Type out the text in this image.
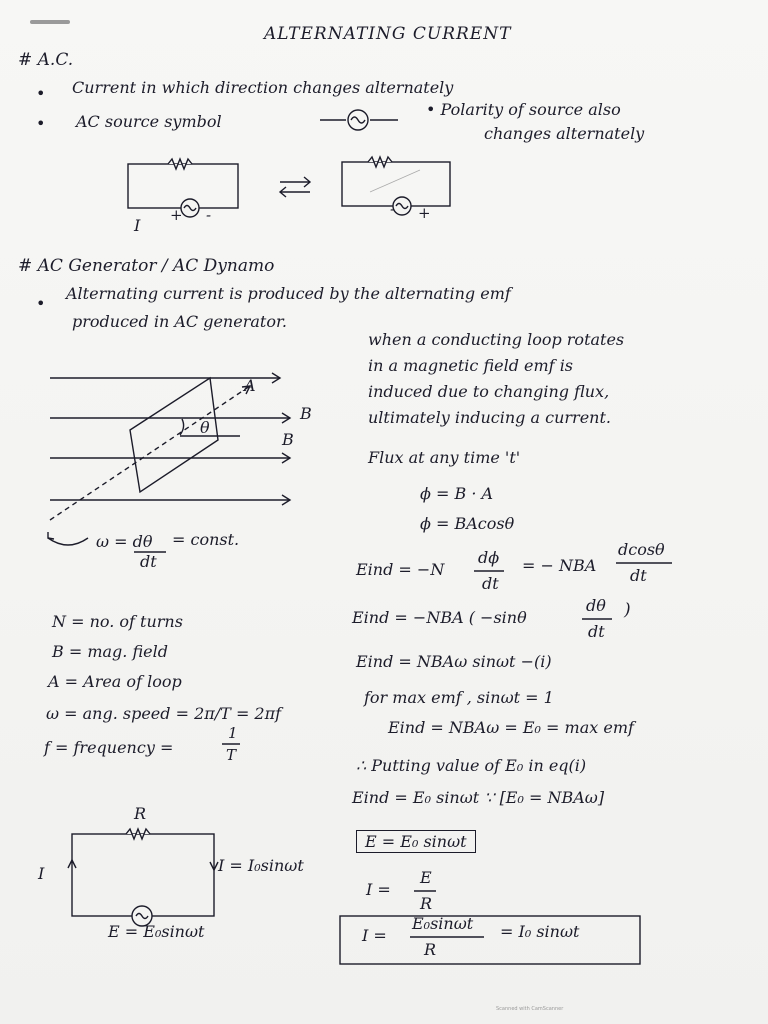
ALTERNATING CURRENT
# A.C.
• Current in which direction changes alternately
• AC source symbol
• Polarity of source also
changes alternately
I
+ -	- +
# AC Generator / AC Dynamo
•
Alternating current is produced by the alternating emf
produced in AC generator.
A
B
B
θ
ω = dθ
dt
= const.
when a conducting loop rotates
in a magnetic field emf is
induced due to changing flux,
ultimately inducing a current.
Flux at any time 't'
ϕ = B · A
ϕ = BAcosθ
Eind = −N
dϕ
dt
= − NBA
dcosθ
dt
Eind = −NBA ( −sinθ
dθ
dt
)
Eind = NBAω sinωt −(i)
for max emf , sinωt = 1
Eind = NBAω = E₀ = max emf
∴ Putting value of E₀ in eq(i)
Eind = E₀ sinωt ∵ [E₀ = NBAω]
E = E₀ sinωt
I =
E
R
I =
E₀sinωt
R
= I₀ sinωt
N = no. of turns
B = mag. field
A = Area of loop
ω = ang. speed = 2π/T = 2πf
f = frequency =
1
T
R
I	I = I₀sinωt
E = E₀sinωt
Scanned with CamScanner
